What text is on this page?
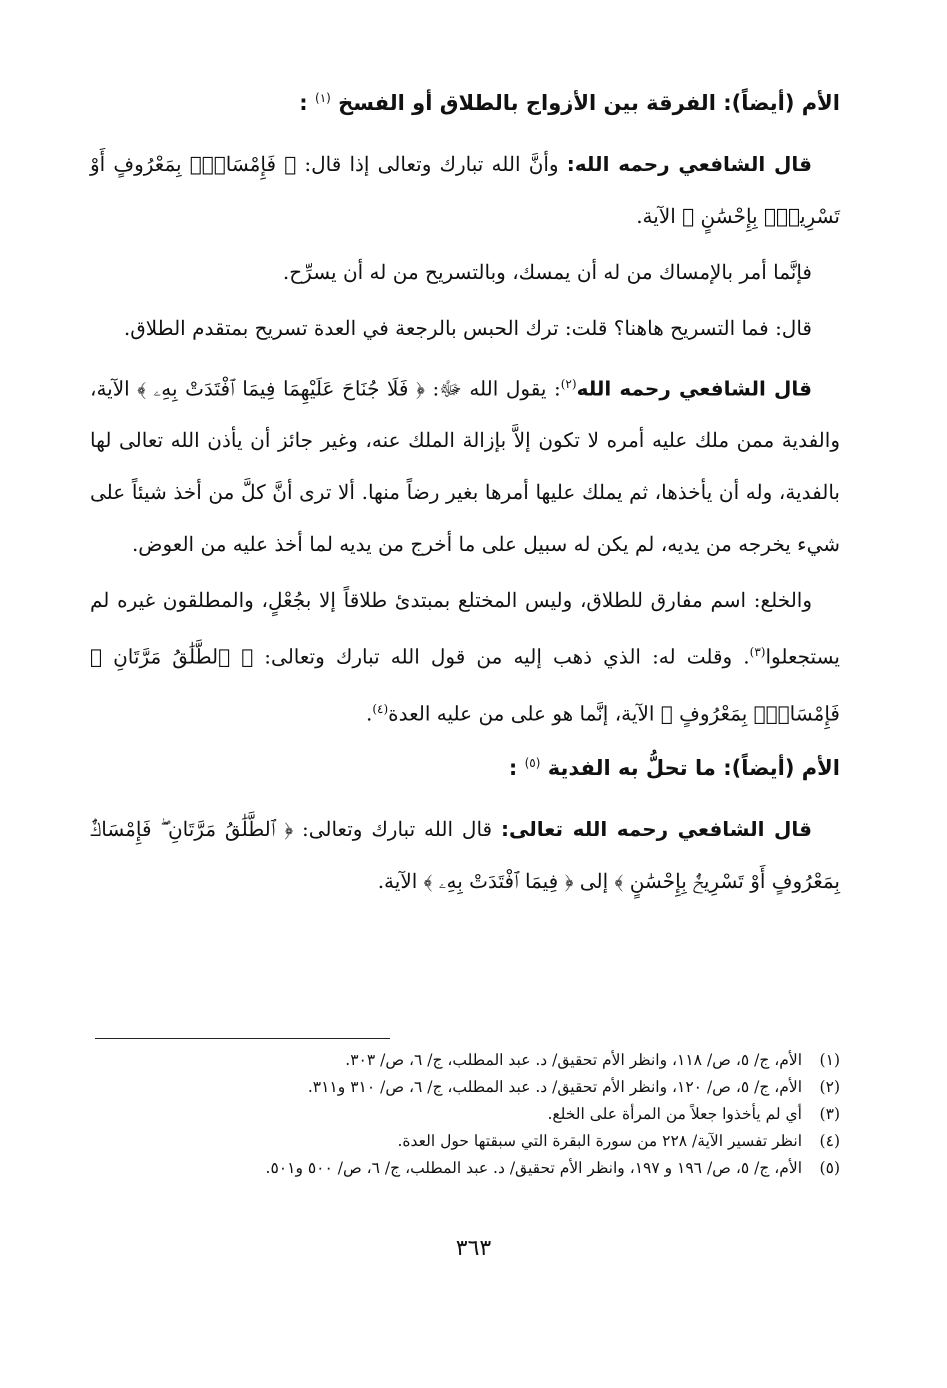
الأم (أيضاً): الفرقة بين الأزواج بالطلاق أو الفسخ $^{(١)}$ :

قال الشافعي رحمه الله: وأنَّ الله تبارك وتعالى إذا قال: ﴿ فَإِمْسَاكٌۢ بِمَعْرُوفٍ أَوْ تَسْرِيحٌۢ بِإِحْسَٰنٍ ﴾ الآية.

فإنَّما أمر بالإمساك من له أن يمسك، وبالتسريح من له أن يسرِّح.

قال: فما التسريح هاهنا؟ قلت: ترك الحبس بالرجعة في العدة تسريح بمتقدم الطلاق.

قال الشافعي رحمه الله$^{(٢)}$: يقول الله ﷻ: ﴿ فَلَا جُنَاحَ عَلَيْهِمَا فِيمَا ٱفْتَدَتْ بِهِۦ ﴾ الآية، والفدية ممن ملك عليه أمره لا تكون إلاَّ بإزالة الملك عنه، وغير جائز أن يأذن الله تعالى لها بالفدية، وله أن يأخذها، ثم يملك عليها أمرها بغير رضاً منها. ألا ترى أنَّ كلَّ من أخذ شيئاً على شيء يخرجه من يديه، لم يكن له سبيل على ما أخرج من يديه لما أخذ عليه من العوض.

والخلع: اسم مفارق للطلاق، وليس المختلع بمبتدئ طلاقاً إلا بجُعْلٍ، والمطلقون غيره لم يستجعلوا$^{(٣)}$. وقلت له: الذي ذهب إليه من قول الله تبارك وتعالى: ﴿ ٱلطَّلَٰقُ مَرَّتَانِ ۖ فَإِمْسَاكٌۢ بِمَعْرُوفٍ ﴾ الآية، إنَّما هو على من عليه العدة$^{(٤)}$.

الأم (أيضاً): ما تحلُّ به الفدية $^{(٥)}$ :

قال الشافعي رحمه الله تعالى: قال الله تبارك وتعالى: ﴿ ٱلطَّلَٰقُ مَرَّتَانِ ۖ فَإِمْسَاكٌۢ بِمَعْرُوفٍ أَوْ تَسْرِيحٌۢ بِإِحْسَٰنٍ ﴾ إلى ﴿ فِيمَا ٱفْتَدَتْ بِهِۦ ﴾ الآية.

(١)الأم، ج/ ٥، ص/ ١١٨، وانظر الأم تحقيق/ د. عبد المطلب، ج/ ٦، ص/ ٣٠٣.

(٢)الأم، ج/ ٥، ص/ ١٢٠، وانظر الأم تحقيق/ د. عبد المطلب، ج/ ٦، ص/ ٣١٠ و٣١١.

(٣)أي لم يأخذوا جعلاً من المرأة على الخلع.

(٤)انظر تفسير الآية/ ٢٢٨ من سورة البقرة التي سبقتها حول العدة.

(٥)الأم، ج/ ٥، ص/ ١٩٦ و ١٩٧، وانظر الأم تحقيق/ د. عبد المطلب، ج/ ٦، ص/ ٥٠٠ و٥٠١.

٣٦٣
